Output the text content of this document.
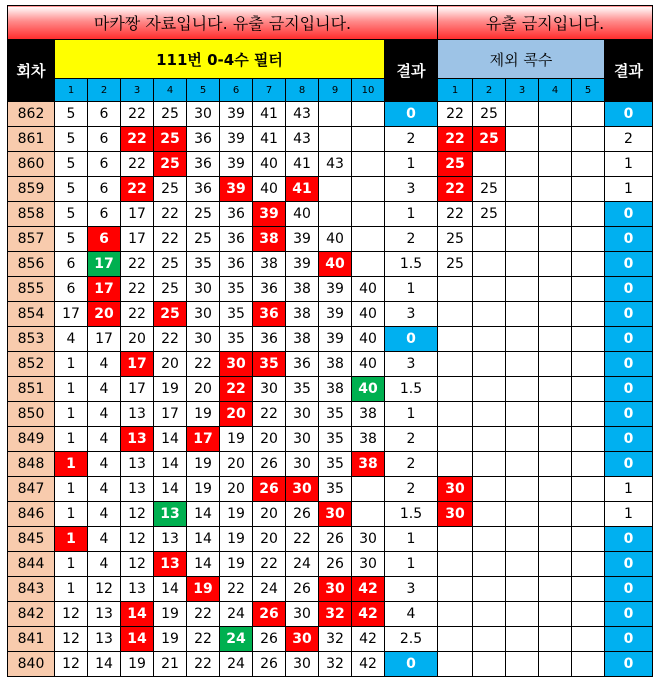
마카짱 자료입니다. 유출 금지입니다.												유출 금지입니다.					
회차	111번 0-4수 필터										결과	제외 콕수					결과
	1	2	3	4	5	6	7	8	9	10		1	2	3	4	5	
862	5	6	22	25	30	39	41	43			0	22	25				0
861	5	6	22	25	36	39	41	43			2	22	25				2
860	5	6	22	25	36	39	40	41	43		1	25					1
859	5	6	22	25	36	39	40	41			3	22	25				1
858	5	6	17	22	25	36	39	40			1	22	25				0
857	5	6	17	22	25	36	38	39	40		2	25					0
856	6	17	22	25	35	36	38	39	40		1.5	25					0
855	6	17	22	25	30	35	36	38	39	40	1						0
854	17	20	22	25	30	35	36	38	39	40	3						0
853	4	17	20	22	30	35	36	38	39	40	0						0
852	1	4	17	20	22	30	35	36	38	40	3						0
851	1	4	17	19	20	22	30	35	38	40	1.5						0
850	1	4	13	17	19	20	22	30	35	38	1						0
849	1	4	13	14	17	19	20	30	35	38	2						0
848	1	4	13	14	19	20	26	30	35	38	2						0
847	1	4	13	14	19	20	26	30	35		2	30					1
846	1	4	12	13	14	19	20	26	30		1.5	30					1
845	1	4	12	13	14	19	20	22	26	30	1						0
844	1	4	12	13	14	19	22	24	26	30	1						0
843	1	12	13	14	19	22	24	26	30	42	3						0
842	12	13	14	19	22	24	26	30	32	42	4						0
841	12	13	14	19	22	24	26	30	32	42	2.5						0
840	12	14	19	21	22	24	26	30	32	42	0						0
